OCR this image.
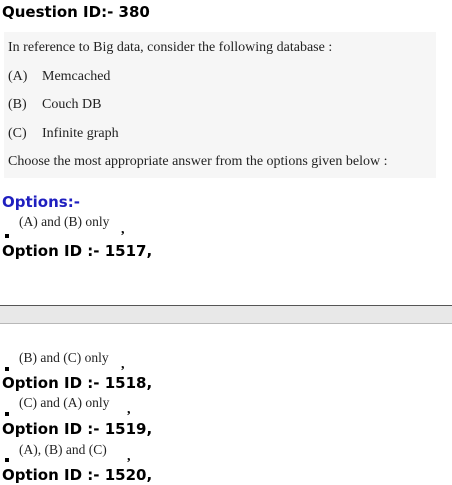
Question ID:- 380
In reference to Big data, consider the following database :
(A) Memcached
(B) Couch DB
(C) Infinite graph
Choose the most appropriate answer from the options given below :
Options:-
(A) and (B) only
,
Option ID :- 1517,
(B) and (C) only ,
Option ID :- 1518,
(C) and (A) only ,
Option ID :- 1519,
(A), (B) and (C) ,
Option ID :- 1520,
